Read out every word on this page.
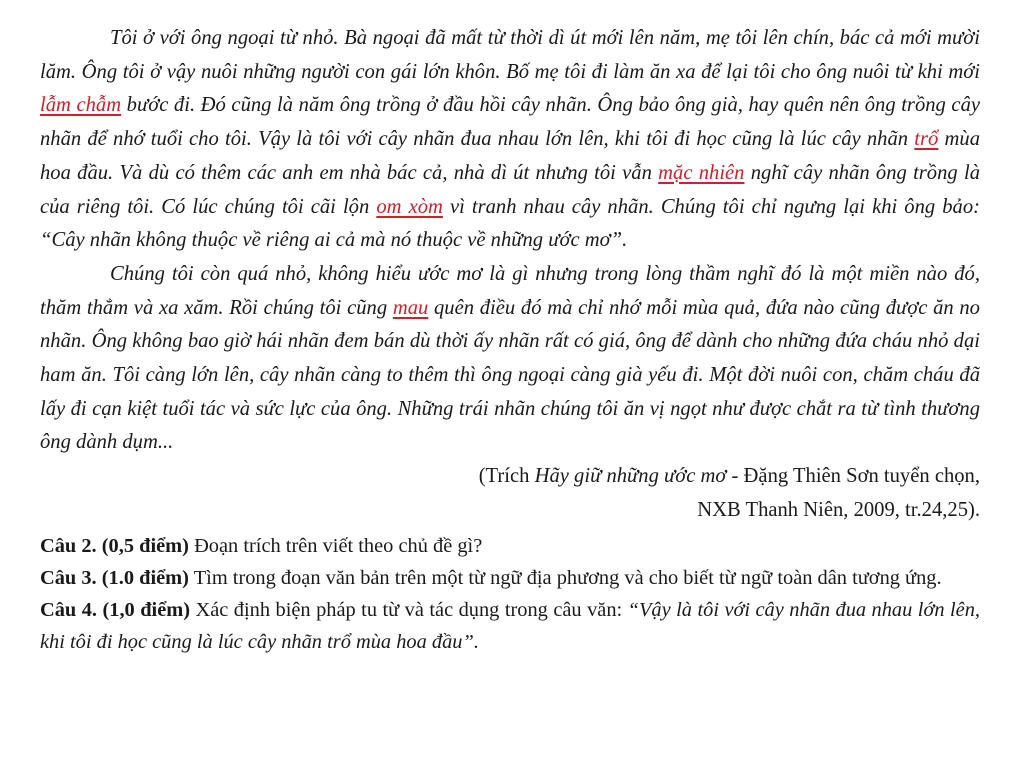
Tôi ở với ông ngoại từ nhỏ. Bà ngoại đã mất từ thời dì út mới lên năm, mẹ tôi lên chín, bác cả mới mười lăm. Ông tôi ở vậy nuôi những người con gái lớn khôn. Bố mẹ tôi đi làm ăn xa để lại tôi cho ông nuôi từ khi mới lẫm chẫm bước đi. Đó cũng là năm ông trồng ở đầu hồi cây nhãn. Ông bảo ông già, hay quên nên ông trồng cây nhãn để nhớ tuổi cho tôi. Vậy là tôi với cây nhãn đua nhau lớn lên, khi tôi đi học cũng là lúc cây nhãn trổ mùa hoa đầu. Và dù có thêm các anh em nhà bác cả, nhà dì út nhưng tôi vẫn mặc nhiên nghĩ cây nhãn ông trồng là của riêng tôi. Có lúc chúng tôi cãi lộn om xòm vì tranh nhau cây nhãn. Chúng tôi chỉ ngưng lại khi ông bảo: “Cây nhãn không thuộc về riêng ai cả mà nó thuộc về những ước mơ”.

Chúng tôi còn quá nhỏ, không hiểu ước mơ là gì nhưng trong lòng thầm nghĩ đó là một miền nào đó, thăm thẳm và xa xăm. Rồi chúng tôi cũng mau quên điều đó mà chỉ nhớ mỗi mùa quả, đứa nào cũng được ăn no nhãn. Ông không bao giờ hái nhãn đem bán dù thời ấy nhãn rất có giá, ông để dành cho những đứa cháu nhỏ dại ham ăn. Tôi càng lớn lên, cây nhãn càng to thêm thì ông ngoại càng già yếu đi. Một đời nuôi con, chăm cháu đã lấy đi cạn kiệt tuổi tác và sức lực của ông. Những trái nhãn chúng tôi ăn vị ngọt như được chắt ra từ tình thương ông dành dụm...

(Trích Hãy giữ những ước mơ - Đặng Thiên Sơn tuyển chọn,

NXB Thanh Niên, 2009, tr.24,25).

Câu 2. (0,5 điểm) Đoạn trích trên viết theo chủ đề gì?

Câu 3. (1.0 điểm) Tìm trong đoạn văn bản trên một từ ngữ địa phương và cho biết từ ngữ toàn dân tương ứng.

Câu 4. (1,0 điểm) Xác định biện pháp tu từ và tác dụng trong câu văn: “Vậy là tôi với cây nhãn đua nhau lớn lên, khi tôi đi học cũng là lúc cây nhãn trổ mùa hoa đầu”.
